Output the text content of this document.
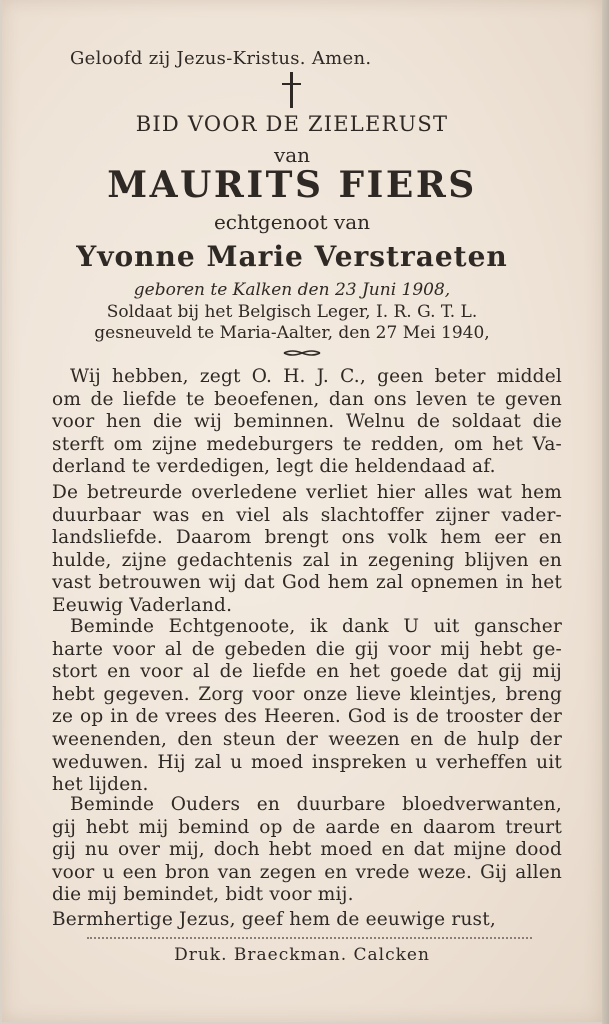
Geloofd zij Jezus-Kristus. Amen.
BID VOOR DE ZIELERUST
van
MAURITS FIERS
echtgenoot van
Yvonne Marie Verstraeten
geboren te Kalken den 23 Juni 1908,
Soldaat bij het Belgisch Leger, I. R. G. T. L.
gesneuveld te Maria-Aalter, den 27 Mei 1940,
Wij hebben, zegt O. H. J. C., geen beter middel
om de liefde te beoefenen, dan ons leven te geven
voor hen die wij beminnen. Welnu de soldaat die
sterft om zijne medeburgers te redden, om het Va-
derland te verdedigen, legt die heldendaad af.
De betreurde overledene verliet hier alles wat hem
duurbaar was en viel als slachtoffer zijner vader-
landsliefde. Daarom brengt ons volk hem eer en
hulde, zijne gedachtenis zal in zegening blijven en
vast betrouwen wij dat God hem zal opnemen in het
Eeuwig Vaderland.
Beminde Echtgenoote, ik dank U uit ganscher
harte voor al de gebeden die gij voor mij hebt ge-
stort en voor al de liefde en het goede dat gij mij
hebt gegeven. Zorg voor onze lieve kleintjes, breng
ze op in de vrees des Heeren. God is de trooster der
weenenden, den steun der weezen en de hulp der
weduwen. Hij zal u moed inspreken u verheffen uit
het lijden.
Beminde Ouders en duurbare bloedverwanten,
gij hebt mij bemind op de aarde en daarom treurt
gij nu over mij, doch hebt moed en dat mijne dood
voor u een bron van zegen en vrede weze. Gij allen
die mij bemindet, bidt voor mij.
Bermhertige Jezus, geef hem de eeuwige rust,
Druk. Braeckman. Calcken
